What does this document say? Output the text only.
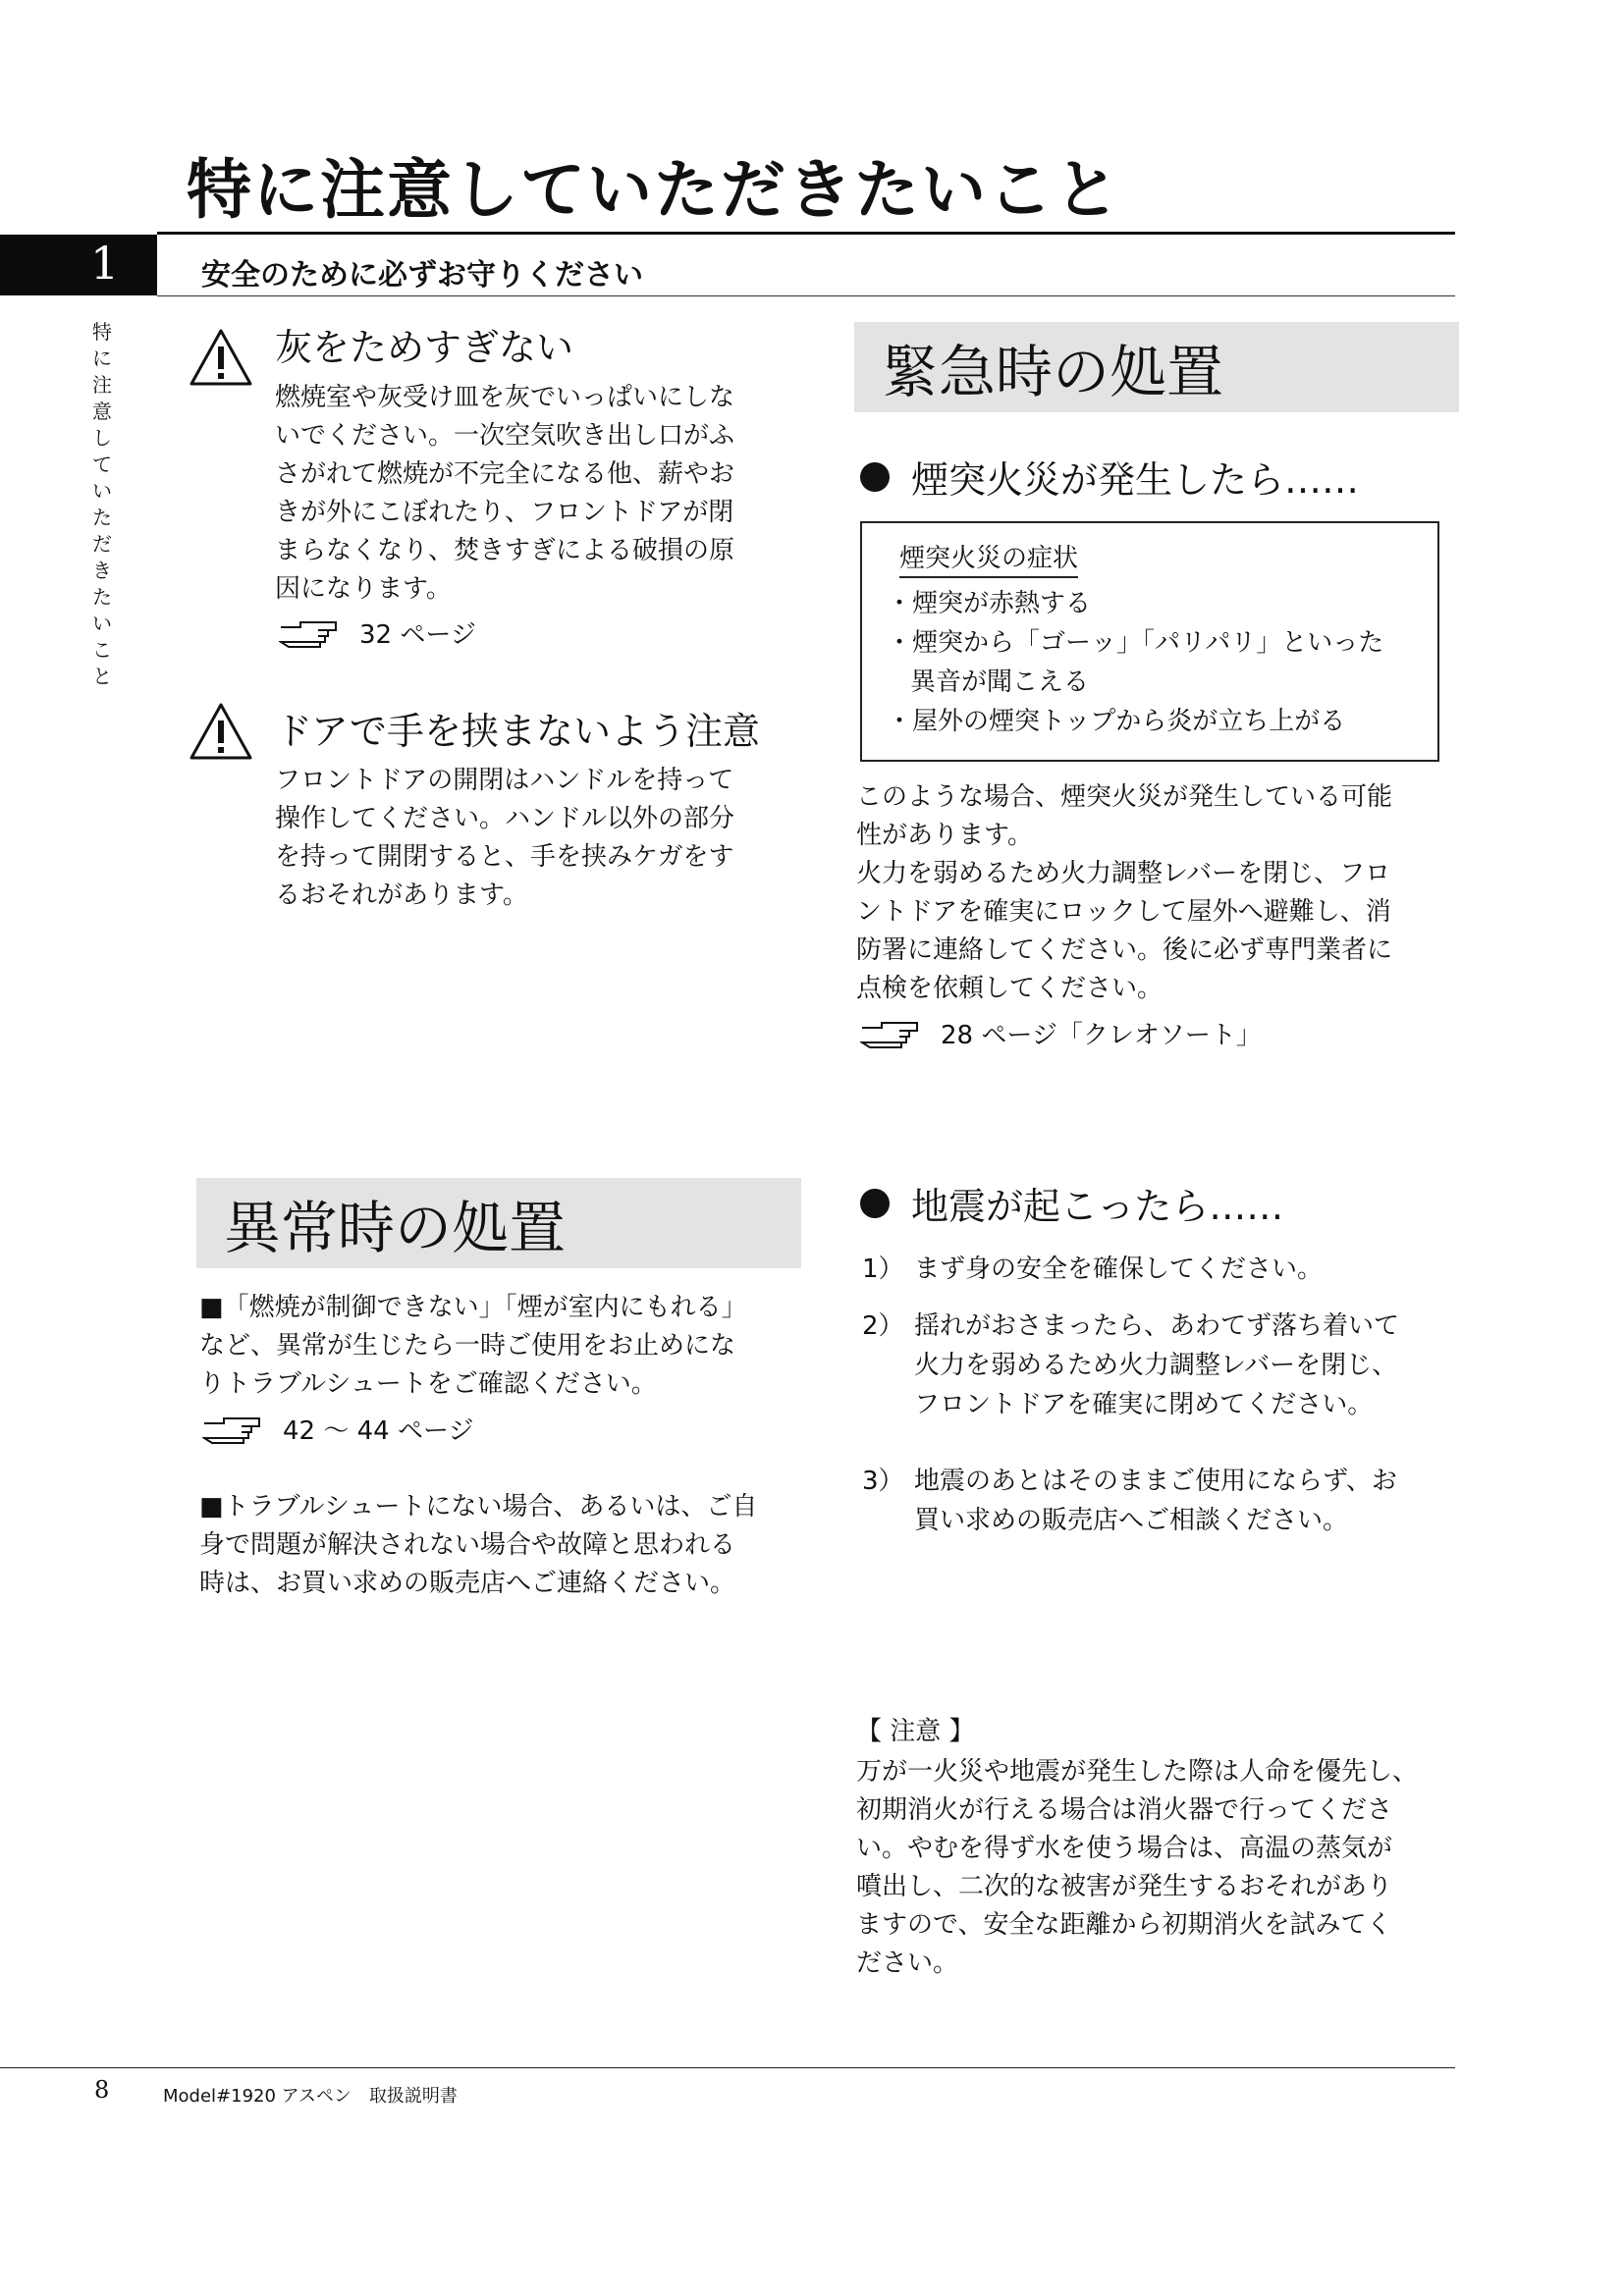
特に注意していただきたいこと
1	安全のために必ずお守りください
特に注意していただきたいこと
灰をためすぎない
燃焼室や灰受け皿を灰でいっぱいにしな
いでください。一次空気吹き出し口がふ
さがれて燃焼が不完全になる他、薪やお
きが外にこぼれたり、フロントドアが閉
まらなくなり、焚きすぎによる破損の原
因になります。
32 ページ
ドアで手を挟まないよう注意
フロントドアの開閉はハンドルを持って
操作してください。ハンドル以外の部分
を持って開閉すると、手を挟みケガをす
るおそれがあります。
異常時の処置
■「燃焼が制御できない」「煙が室内にもれる」
など、異常が生じたら一時ご使用をお止めにな
りトラブルシュートをご確認ください。
42 ～ 44 ページ
■トラブルシュートにない場合、あるいは、ご自
身で問題が解決されない場合や故障と思われる
時は、お買い求めの販売店へご連絡ください。
緊急時の処置
煙突火災が発生したら……
煙突火災の症状
・煙突が赤熱する
・煙突から「ゴーッ」「パリパリ」といった
異音が聞こえる
・屋外の煙突トップから炎が立ち上がる
このような場合、煙突火災が発生している可能
性があります。
火力を弱めるため火力調整レバーを閉じ、フロ
ントドアを確実にロックして屋外へ避難し、消
防署に連絡してください。後に必ず専門業者に
点検を依頼してください。
28 ページ「クレオソート」
地震が起こったら……
1） まず身の安全を確保してください。
2） 揺れがおさまったら、あわてず落ち着いて
火力を弱めるため火力調整レバーを閉じ、
フロントドアを確実に閉めてください。
3） 地震のあとはそのままご使用にならず、お
買い求めの販売店へご相談ください。
【 注意 】
万が一火災や地震が発生した際は人命を優先し、
初期消火が行える場合は消火器で行ってくださ
い。やむを得ず水を使う場合は、高温の蒸気が
噴出し、二次的な被害が発生するおそれがあり
ますので、安全な距離から初期消火を試みてく
ださい。
8	Model#1920 アスペン　取扱説明書
